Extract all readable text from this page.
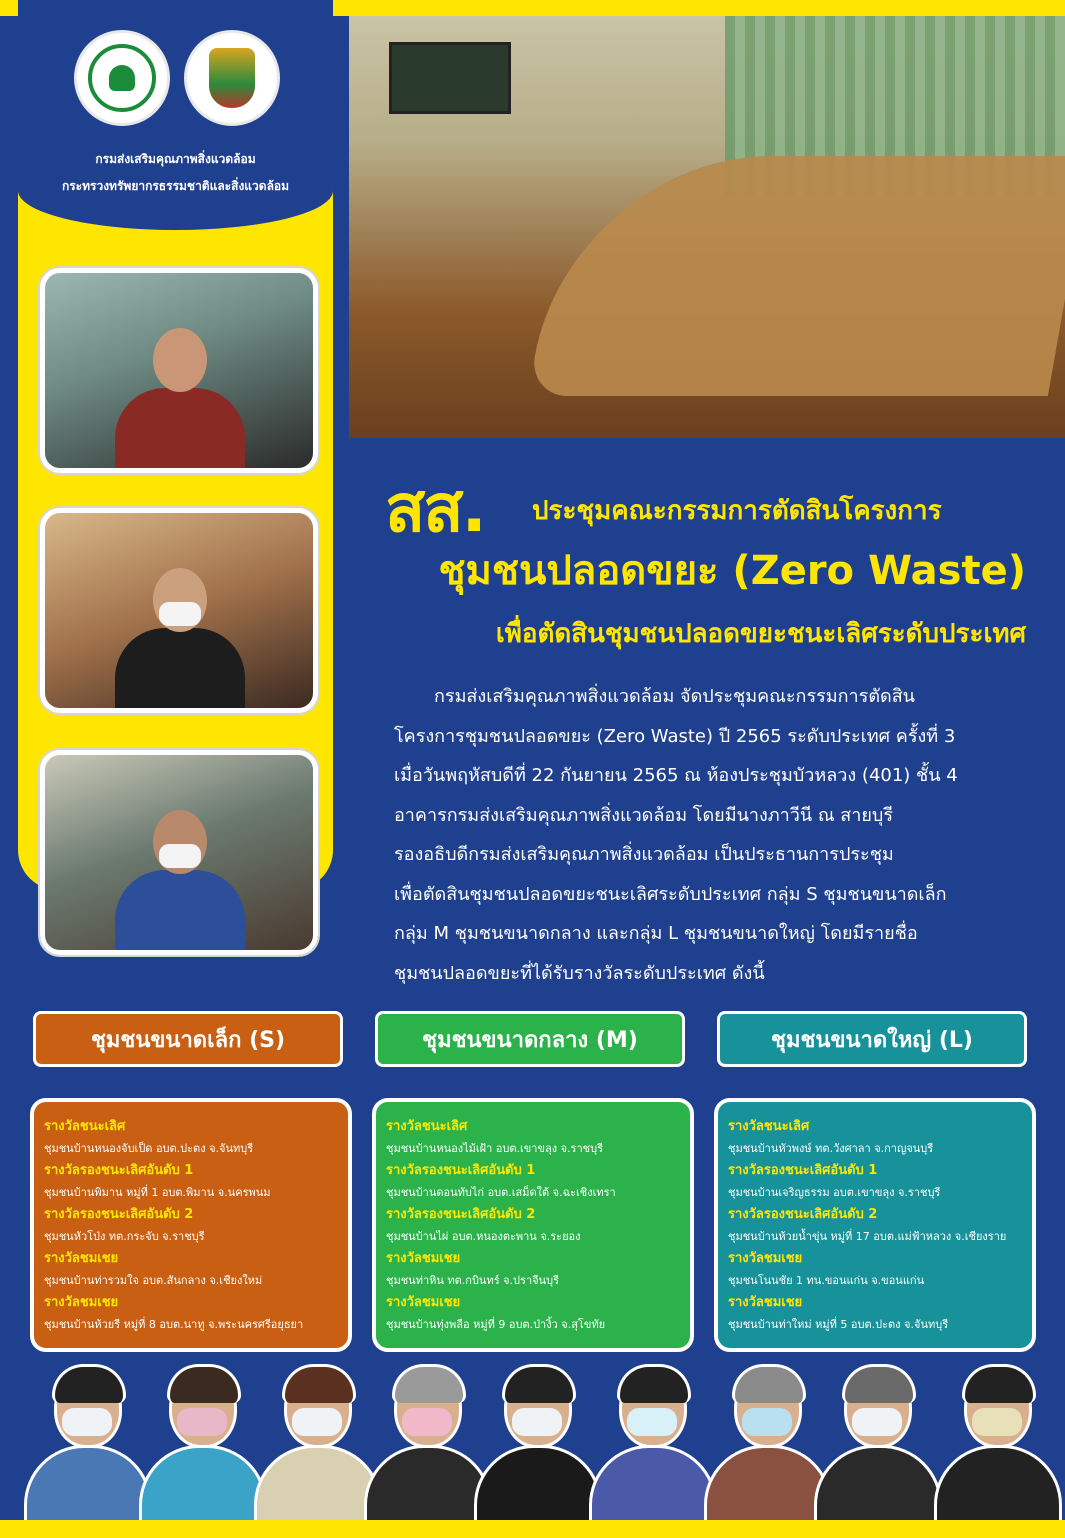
กรมส่งเสริมคุณภาพสิ่งแวดล้อม
กระทรวงทรัพยากรธรรมชาติและสิ่งแวดล้อม
สส. ประชุมคณะกรรมการตัดสินโครงการ
ชุมชนปลอดขยะ (Zero Waste)
เพื่อตัดสินชุมชนปลอดขยะชนะเลิศระดับประเทศ

กรมส่งเสริมคุณภาพสิ่งแวดล้อม จัดประชุมคณะกรรมการตัดสิน

โครงการชุมชนปลอดขยะ (Zero Waste) ปี 2565 ระดับประเทศ ครั้งที่ 3

เมื่อวันพฤหัสบดีที่ 22 กันยายน 2565 ณ ห้องประชุมบัวหลวง (401) ชั้น 4

อาคารกรมส่งเสริมคุณภาพสิ่งแวดล้อม โดยมีนางภาวีนี ณ สายบุรี

รองอธิบดีกรมส่งเสริมคุณภาพสิ่งแวดล้อม เป็นประธานการประชุม

เพื่อตัดสินชุมชนปลอดขยะชนะเลิศระดับประเทศ กลุ่ม S ชุมชนขนาดเล็ก

กลุ่ม M ชุมชนขนาดกลาง และกลุ่ม L ชุมชนขนาดใหญ่ โดยมีรายชื่อ

ชุมชนปลอดขยะที่ได้รับรางวัลระดับประเทศ ดังนี้

ชุมชนขนาดเล็ก (S)	ชุมชนขนาดกลาง (M)	ชุมชนขนาดใหญ่ (L)
รางวัลชนะเลิศ
ชุมชนบ้านหนองจับเป็ด อบต.ปะตง จ.จันทบุรี
รางวัลรองชนะเลิศอันดับ 1
ชุมชนบ้านพิมาน หมู่ที่ 1 อบต.พิมาน จ.นครพนม
รางวัลรองชนะเลิศอันดับ 2
ชุมชนหัวโป่ง ทต.กระจับ จ.ราชบุรี
รางวัลชมเชย
ชุมชนบ้านท่ารวมใจ อบต.สันกลาง จ.เชียงใหม่
รางวัลชมเชย
ชุมชนบ้านห้วยรี หมู่ที่ 8 อบต.นาทู จ.พระนครศรีอยุธยา
รางวัลชนะเลิศ
ชุมชนบ้านหนองไม้เฝ้า อบต.เขาขลุง จ.ราชบุรี
รางวัลรองชนะเลิศอันดับ 1
ชุมชนบ้านดอนทับไก่ อบต.เสม็ดใต้ จ.ฉะเชิงเทรา
รางวัลรองชนะเลิศอันดับ 2
ชุมชนบ้านไผ่ อบต.หนองตะพาน จ.ระยอง
รางวัลชมเชย
ชุมชนท่าหิน ทต.กบินทร์ จ.ปราจีนบุรี
รางวัลชมเชย
ชุมชนบ้านทุ่งพลือ หมู่ที่ 9 อบต.ป่างิ้ว จ.สุโขทัย
รางวัลชนะเลิศ
ชุมชนบ้านหัวพงษ์ ทต.วังศาลา จ.กาญจนบุรี
รางวัลรองชนะเลิศอันดับ 1
ชุมชนบ้านเจริญธรรม อบต.เขาขลุง จ.ราชบุรี
รางวัลรองชนะเลิศอันดับ 2
ชุมชนบ้านห้วยน้ำขุ่น หมู่ที่ 17 อบต.แม่ฟ้าหลวง จ.เชียงราย
รางวัลชมเชย
ชุมชนโนนชัย 1 ทน.ขอนแก่น จ.ขอนแก่น
รางวัลชมเชย
ชุมชนบ้านท่าใหม่ หมู่ที่ 5 อบต.ปะตง จ.จันทบุรี
